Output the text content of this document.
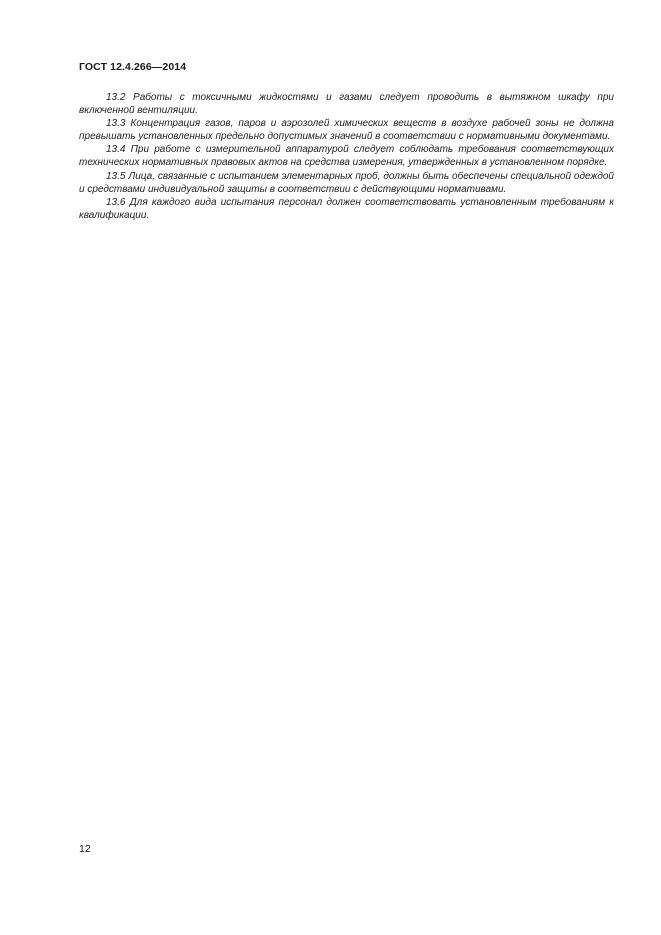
ГОСТ 12.4.266—2014

13.2 Работы с токсичными жидкостями и газами следует проводить в вытяжном шкафу при включенной вентиляции.

13.3 Концентрация газов, паров и аэрозолей химических веществ в воздухе рабочей зоны не должна превышать установленных предельно допустимых значений в соответствии с нормативными документами.

13.4 При работе с измерительной аппаратурой следует соблюдать требования соответствующих технических нормативных правовых актов на средства измерения, утвержденных в установленном порядке.

13.5 Лица, связанные с испытанием элементарных проб, должны быть обеспечены специальной одеждой и средствами индивидуальной защиты в соответствии с действующими нормативами.

13.6 Для каждого вида испытания персонал должен соответствовать установленным требованиям к квалификации.

12
